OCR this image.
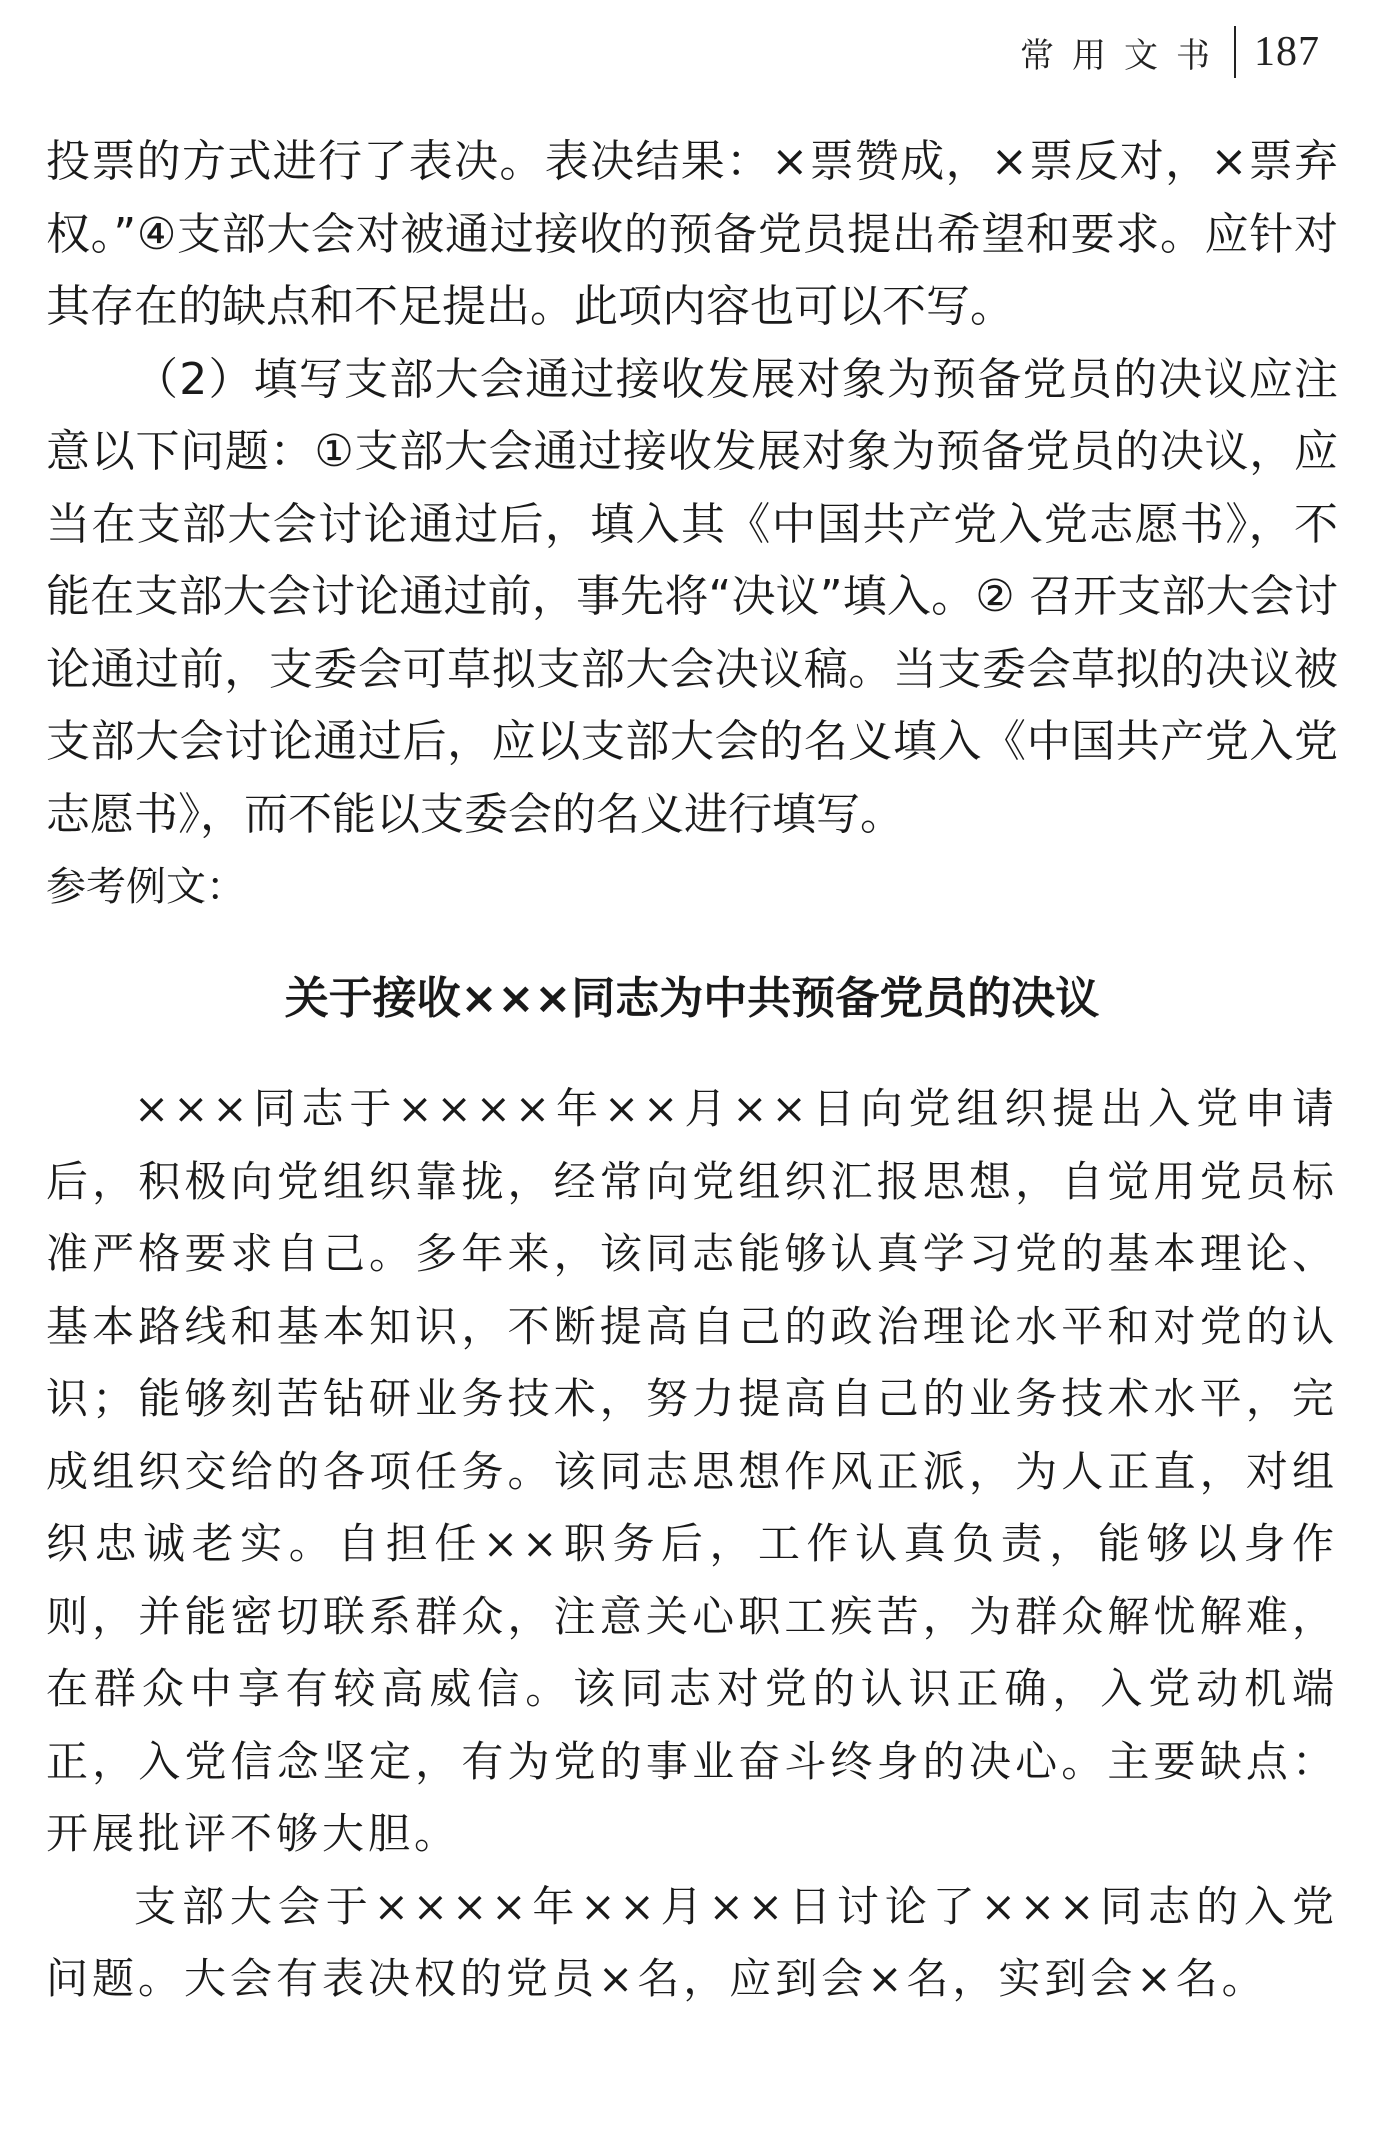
常用文书 187

投票的方式进行了表决。表决结果：×票赞成，×票反对，×票弃权。”④支部大会对被通过接收的预备党员提出希望和要求。应针对其存在的缺点和不足提出。此项内容也可以不写。

（2）填写支部大会通过接收发展对象为预备党员的决议应注意以下问题：①支部大会通过接收发展对象为预备党员的决议，应当在支部大会讨论通过后，填入其《中国共产党入党志愿书》，不能在支部大会讨论通过前，事先将“决议”填入。② 召开支部大会讨论通过前，支委会可草拟支部大会决议稿。当支委会草拟的决议被支部大会讨论通过后，应以支部大会的名义填入《中国共产党入党志愿书》，而不能以支委会的名义进行填写。

参考例文：

关于接收×××同志为中共预备党员的决议

×××同志于××××年××月××日向党组织提出入党申请后，积极向党组织靠拢，经常向党组织汇报思想，自觉用党员标准严格要求自己。多年来，该同志能够认真学习党的基本理论、基本路线和基本知识，不断提高自己的政治理论水平和对党的认识；能够刻苦钻研业务技术，努力提高自己的业务技术水平，完成组织交给的各项任务。该同志思想作风正派，为人正直，对组织忠诚老实。自担任××职务后，工作认真负责，能够以身作则，并能密切联系群众，注意关心职工疾苦，为群众解忧解难，在群众中享有较高威信。该同志对党的认识正确，入党动机端正，入党信念坚定，有为党的事业奋斗终身的决心。主要缺点：开展批评不够大胆。

支部大会于××××年××月××日讨论了×××同志的入党问题。大会有表决权的党员×名，应到会×名，实到会×名。
